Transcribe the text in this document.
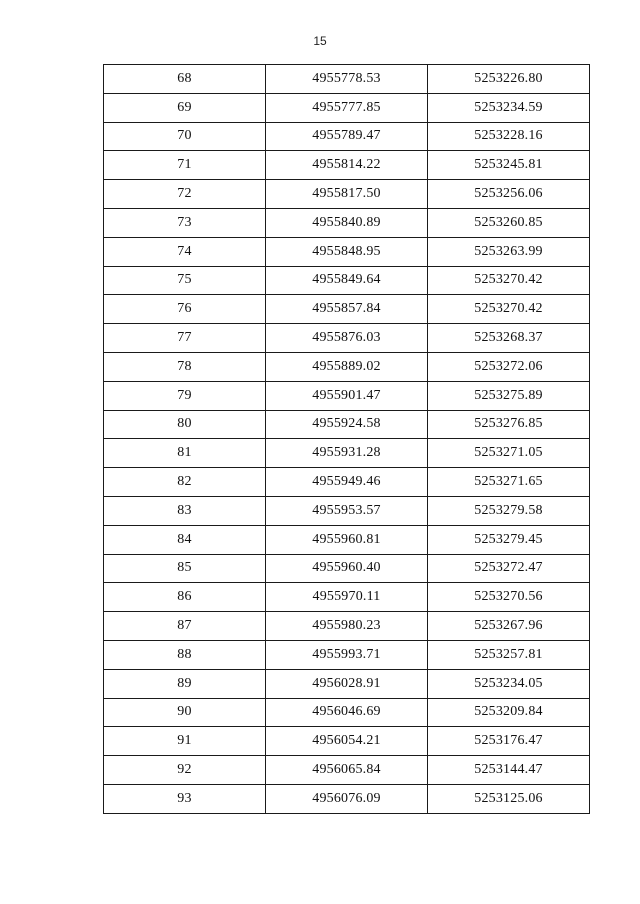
15
68	4955778.53	5253226.80
69	4955777.85	5253234.59
70	4955789.47	5253228.16
71	4955814.22	5253245.81
72	4955817.50	5253256.06
73	4955840.89	5253260.85
74	4955848.95	5253263.99
75	4955849.64	5253270.42
76	4955857.84	5253270.42
77	4955876.03	5253268.37
78	4955889.02	5253272.06
79	4955901.47	5253275.89
80	4955924.58	5253276.85
81	4955931.28	5253271.05
82	4955949.46	5253271.65
83	4955953.57	5253279.58
84	4955960.81	5253279.45
85	4955960.40	5253272.47
86	4955970.11	5253270.56
87	4955980.23	5253267.96
88	4955993.71	5253257.81
89	4956028.91	5253234.05
90	4956046.69	5253209.84
91	4956054.21	5253176.47
92	4956065.84	5253144.47
93	4956076.09	5253125.06
